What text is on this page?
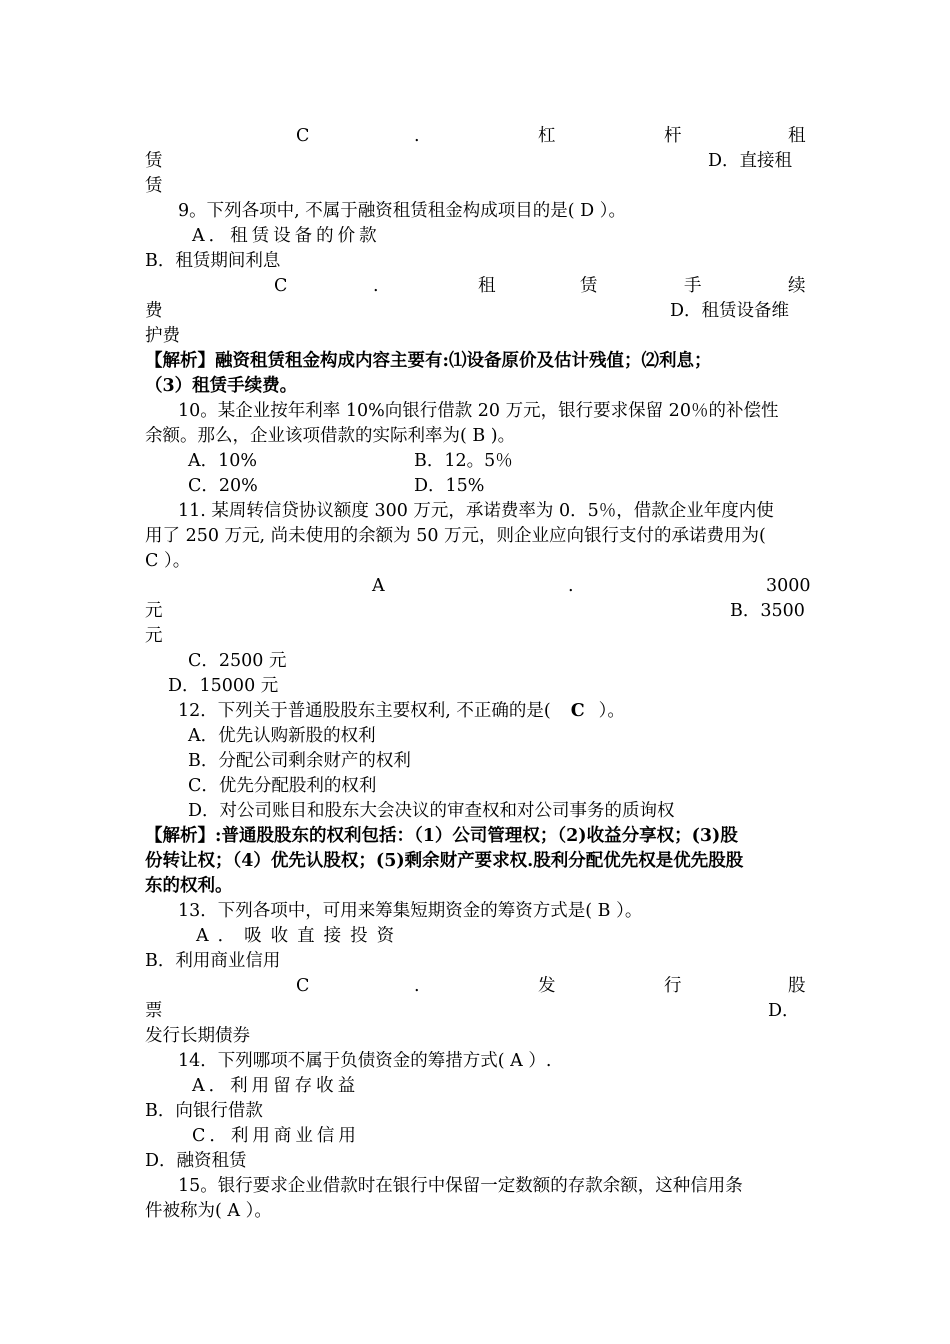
C	.	杠	杆	租
赁	D．直接租
赁
9。下列各项中, 不属于融资租赁租金构成项目的是( D ）。
A．租赁设备的价款
B．租赁期间利息
C	.	租	赁	手	续
费	D．租赁设备维
护费
【解析】融资租赁租金构成内容主要有:⑴设备原价及估计残值；⑵利息；
（3）租赁手续费。
10。某企业按年利率 10%向银行借款 20 万元，银行要求保留 20％的补偿性
余额。那么，企业该项借款的实际利率为( B )。
A．10%	B．12。5％
C．20%	D．15%
11. 某周转信贷协议额度 300 万元，承诺费率为 0．5％，借款企业年度内使
用了 250 万元, 尚未使用的余额为 50 万元，则企业应向银行支付的承诺费用为(
C ）。
A	.	3000
元	B．3500
元
C．2500 元
D．15000 元
12．下列关于普通股股东主要权利, 不正确的是( C ）。
A．优先认购新股的权利
B．分配公司剩余财产的权利
C．优先分配股利的权利
D．对公司账目和股东大会决议的审查权和对公司事务的质询权
【解析】:普通股股东的权利包括：（1）公司管理权；（2)收益分享权；(3)股
份转让权；（4）优先认股权；(5)剩余财产要求权.股利分配优先权是优先股股
东的权利。
13．下列各项中，可用来筹集短期资金的筹资方式是( B ）。
A．吸收直接投资
B．利用商业信用
C	.	发	行	股
票	D．
发行长期债券
14．下列哪项不属于负债资金的筹措方式( A ）.
A．利用留存收益
B．向银行借款
C．利用商业信用
D．融资租赁
15。银行要求企业借款时在银行中保留一定数额的存款余额，这种信用条
件被称为( A ）。
